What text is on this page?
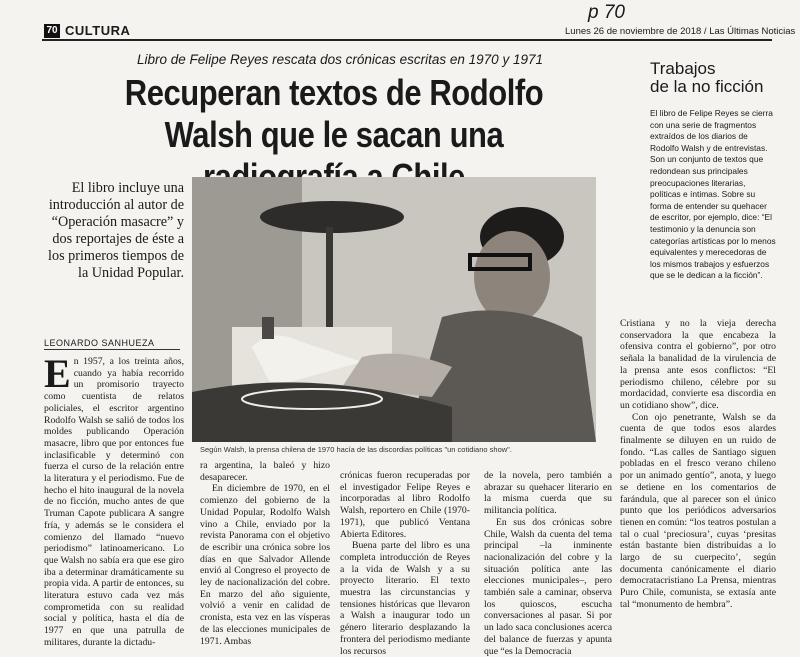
70 CULTURA
p 70
Lunes 26 de noviembre de 2018 / Las Últimas Noticias
Libro de Felipe Reyes rescata dos crónicas escritas en 1970 y 1971
Recuperan textos de Rodolfo Walsh que le sacan una
El libro incluye una introducción al autor de “Operación masacre” y dos reportajes de éste a los primeros tiempos de la Unidad Popular.
LEONARDO SANHUEZA
Según Walsh, la prensa chilena de 1970 hacía de las discordias políticas "un cotidiano show".
Trabajos
de la no ficción
El libro de Felipe Reyes se cierra con una serie de fragmentos extraídos de los diarios de Rodolfo Walsh y de entrevistas. Son un conjunto de textos que redondean sus principales preocupaciones literarias, políticas e íntimas. Sobre su forma de entender su quehacer de escritor, por ejemplo, dice: “El testimonio y la denuncia son categorías artísticas por lo menos equivalentes y merecedoras de los mismos trabajos y esfuerzos que se le dedican a la ficción”.
E n 1957, a los treinta años, cuando ya había recorrido un promisorio trayecto como cuentista de relatos policiales, el escritor argentino Rodolfo Walsh se salió de todos los moldes publicando Operación masacre, libro que por entonces fue inclasificable y determinó con fuerza el curso de la relación entre la literatura y el periodismo. Fue de hecho el hito inaugural de la novela de no ficción, mucho antes de que Truman Capote publicara A sangre fría, y además se le considera el comienzo del llamado “nuevo periodismo” latinoamericano. Lo que Walsh no sabía era que ese giro iba a determinar dramáticamente su propia vida. A partir de entonces, su literatura estuvo cada vez más comprometida con su realidad social y política, hasta el día de 1977 en que una patrulla de militares, durante la dictadu-

ra argentina, la baleó y hizo desaparecer.

En diciembre de 1970, en el comienzo del gobierno de la Unidad Popular, Rodolfo Walsh vino a Chile, enviado por la revista Panorama con el objetivo de escribir una crónica sobre los días en que Salvador Allende envió al Congreso el proyecto de ley de nacionalización del cobre. En marzo del año siguiente, volvió a venir en calidad de cronista, esta vez en las vísperas de las elecciones municipales de 1971. Ambas

crónicas fueron recuperadas por el investigador Felipe Reyes e incorporadas al libro Rodolfo Walsh, reportero en Chile (1970-1971), que publicó Ventana Abierta Editores.

Buena parte del libro es una completa introducción de Reyes a la vida de Walsh y a su proyecto literario. El texto muestra las circunstancias y tensiones históricas que llevaron a Walsh a inaugurar todo un género literario desplazando la frontera del periodismo mediante los recursos

de la novela, pero también a abrazar su quehacer literario en la misma cuerda que su militancia política.

En sus dos crónicas sobre Chile, Walsh da cuenta del tema principal –la inminente nacionalización del cobre y la situación política ante las elecciones municipales–, pero también sale a caminar, observa los quioscos, escucha conversaciones al pasar. Si por un lado saca conclusiones acerca del balance de fuerzas y apunta que “es la Democracia

Cristiana y no la vieja derecha conservadora la que encabeza la ofensiva contra el gobierno”, por otro señala la banalidad de la virulencia de la prensa ante esos conflictos: “El periodismo chileno, célebre por su mordacidad, convierte esa discordia en un cotidiano show”, dice.

Con ojo penetrante, Walsh se da cuenta de que todos esos alardes finalmente se diluyen en un ruido de fondo. “Las calles de Santiago siguen pobladas en el fresco verano chileno por un animado gentío”, anota, y luego se detiene en los comentarios de farándula, que al parecer son el único punto que los periódicos adversarios tienen en común: “los teatros postulan a tal o cual ‘preciosura’, cuyas ‘presitas están bastante bien distribuidas a lo largo de su cuerpecito’, según documenta canónicamente el diario democratacristiano La Prensa, mientras Puro Chile, comunista, se extasía ante tal “monumento de hembra”.
